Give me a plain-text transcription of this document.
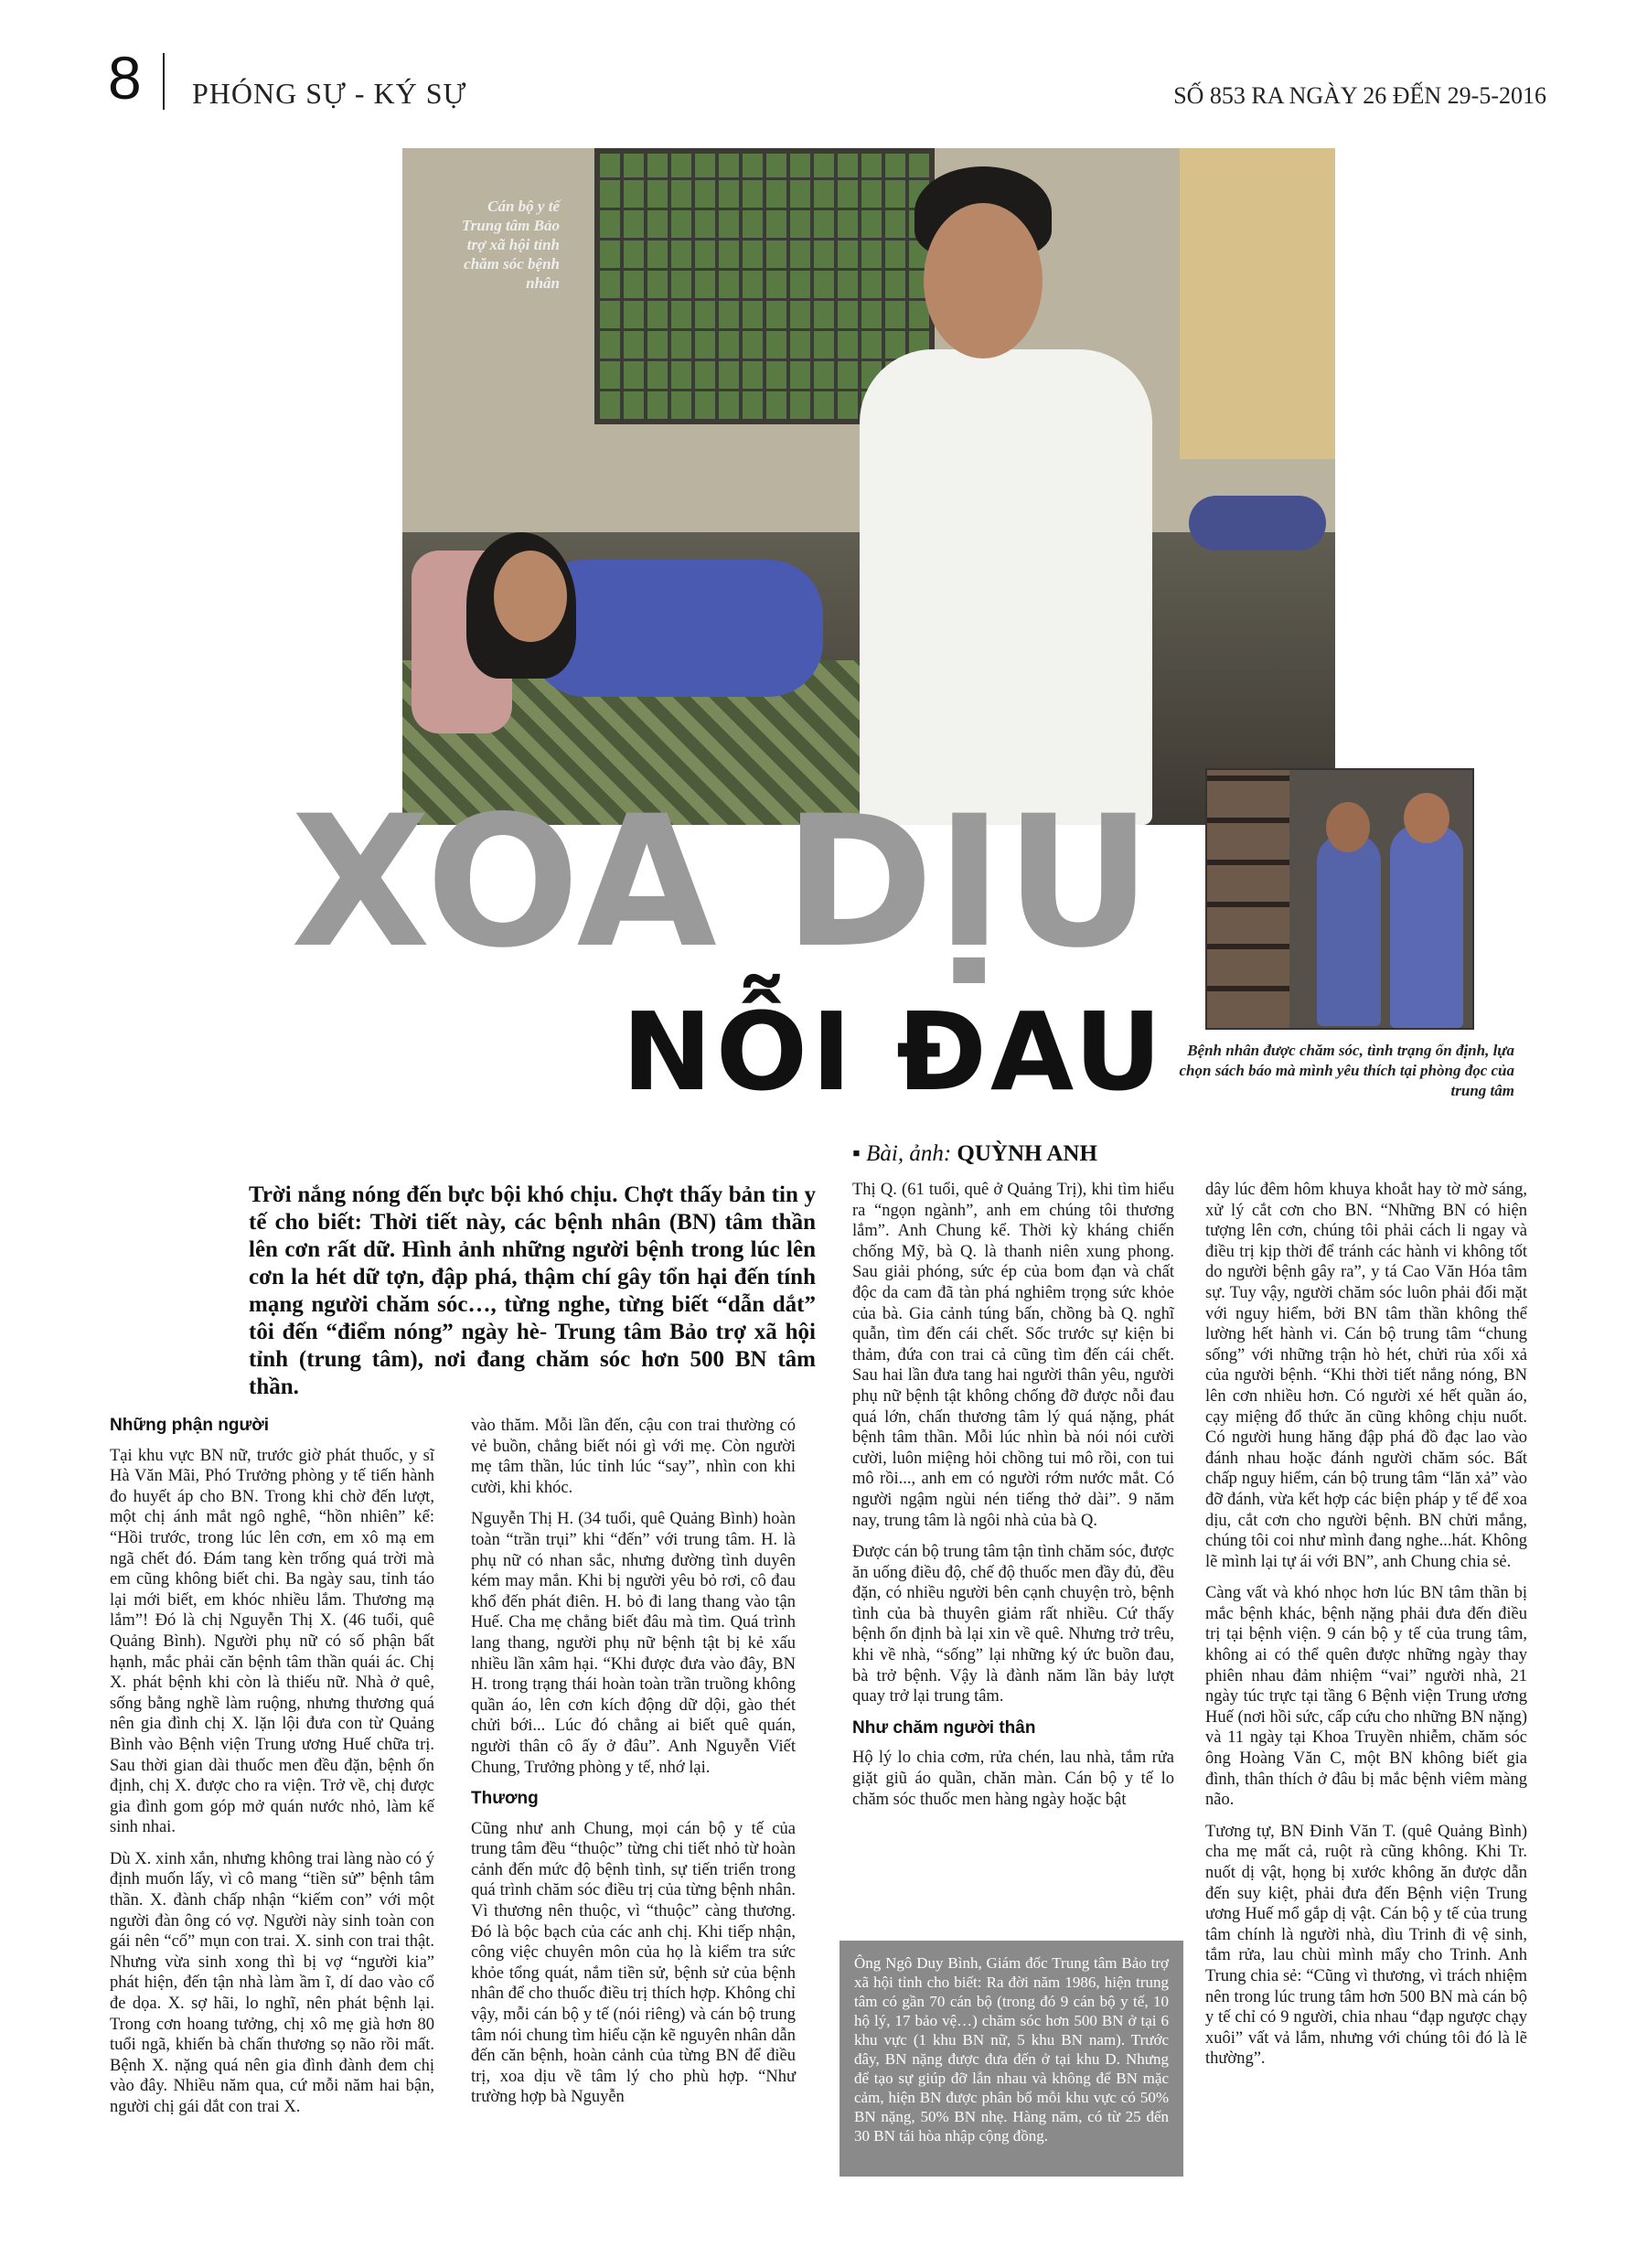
8 PHÓNG SỰ - KÝ SỰ	SỐ 853 RA NGÀY 26 ĐẾN 29-5-2016
Cán bộ y tế Trung tâm Bảo trợ xã hội tỉnh chăm sóc bệnh nhân
XOA DỊU
NỖI ĐAU	Bệnh nhân được chăm sóc, tình trạng ổn định, lựa chọn sách báo mà mình yêu thích tại phòng đọc của trung tâm
▪ Bài, ảnh: QUỲNH ANH
Trời nắng nóng đến bực bội khó chịu. Chợt thấy bản tin y tế cho biết: Thời tiết này, các bệnh nhân (BN) tâm thần lên cơn rất dữ. Hình ảnh những người bệnh trong lúc lên cơn la hét dữ tợn, đập phá, thậm chí gây tổn hại đến tính mạng người chăm sóc…, từng nghe, từng biết “dẫn dắt” tôi đến “điểm nóng” ngày hè- Trung tâm Bảo trợ xã hội tỉnh (trung tâm), nơi đang chăm sóc hơn 500 BN tâm thần.
Những phận người

Tại khu vực BN nữ, trước giờ phát thuốc, y sĩ Hà Văn Mãi, Phó Trưởng phòng y tế tiến hành đo huyết áp cho BN. Trong khi chờ đến lượt, một chị ánh mắt ngô nghê, “hồn nhiên” kể: “Hồi trước, trong lúc lên cơn, em xô mạ em ngã chết đó. Đám tang kèn trống quá trời mà em cũng không biết chi. Ba ngày sau, tỉnh táo lại mới biết, em khóc nhiều lắm. Thương mạ lắm”! Đó là chị Nguyễn Thị X. (46 tuổi, quê Quảng Bình). Người phụ nữ có số phận bất hạnh, mắc phải căn bệnh tâm thần quái ác. Chị X. phát bệnh khi còn là thiếu nữ. Nhà ở quê, sống bằng nghề làm ruộng, nhưng thương quá nên gia đình chị X. lặn lội đưa con từ Quảng Bình vào Bệnh viện Trung ương Huế chữa trị. Sau thời gian dài thuốc men đều đặn, bệnh ổn định, chị X. được cho ra viện. Trở về, chị được gia đình gom góp mở quán nước nhỏ, làm kế sinh nhai.

Dù X. xinh xắn, nhưng không trai làng nào có ý định muốn lấy, vì cô mang “tiền sử” bệnh tâm thần. X. đành chấp nhận “kiếm con” với một người đàn ông có vợ. Người này sinh toàn con gái nên “cố” mụn con trai. X. sinh con trai thật. Nhưng vừa sinh xong thì bị vợ “người kia” phát hiện, đến tận nhà làm ầm ĩ, dí dao vào cổ đe dọa. X. sợ hãi, lo nghĩ, nên phát bệnh lại. Trong cơn hoang tưởng, chị xô mẹ già hơn 80 tuổi ngã, khiến bà chấn thương sọ não rồi mất. Bệnh X. nặng quá nên gia đình đành đem chị vào đây. Nhiều năm qua, cứ mỗi năm hai bận, người chị gái dắt con trai X.

vào thăm. Mỗi lần đến, cậu con trai thường có vẻ buồn, chẳng biết nói gì với mẹ. Còn người mẹ tâm thần, lúc tỉnh lúc “say”, nhìn con khi cười, khi khóc.

Nguyễn Thị H. (34 tuổi, quê Quảng Bình) hoàn toàn “trần trụi” khi “đến” với trung tâm. H. là phụ nữ có nhan sắc, nhưng đường tình duyên kém may mắn. Khi bị người yêu bỏ rơi, cô đau khổ đến phát điên. H. bỏ đi lang thang vào tận Huế. Cha mẹ chẳng biết đâu mà tìm. Quá trình lang thang, người phụ nữ bệnh tật bị kẻ xấu nhiều lần xâm hại. “Khi được đưa vào đây, BN H. trong trạng thái hoàn toàn trần truồng không quần áo, lên cơn kích động dữ dội, gào thét chửi bới... Lúc đó chẳng ai biết quê quán, người thân cô ấy ở đâu”. Anh Nguyễn Viết Chung, Trưởng phòng y tế, nhớ lại.

Thương

Cũng như anh Chung, mọi cán bộ y tế của trung tâm đều “thuộc” từng chi tiết nhỏ từ hoàn cảnh đến mức độ bệnh tình, sự tiến triển trong quá trình chăm sóc điều trị của từng bệnh nhân. Vì thương nên thuộc, vì “thuộc” càng thương. Đó là bộc bạch của các anh chị. Khi tiếp nhận, công việc chuyên môn của họ là kiểm tra sức khỏe tổng quát, nắm tiền sử, bệnh sử của bệnh nhân để cho thuốc điều trị thích hợp. Không chỉ vậy, mỗi cán bộ y tế (nói riêng) và cán bộ trung tâm nói chung tìm hiểu cặn kẽ nguyên nhân dẫn đến căn bệnh, hoàn cảnh của từng BN để điều trị, xoa dịu về tâm lý cho phù hợp. “Như trường hợp bà Nguyễn

Thị Q. (61 tuổi, quê ở Quảng Trị), khi tìm hiểu ra “ngọn ngành”, anh em chúng tôi thương lắm”. Anh Chung kể. Thời kỳ kháng chiến chống Mỹ, bà Q. là thanh niên xung phong. Sau giải phóng, sức ép của bom đạn và chất độc da cam đã tàn phá nghiêm trọng sức khỏe của bà. Gia cảnh túng bấn, chồng bà Q. nghĩ quẫn, tìm đến cái chết. Sốc trước sự kiện bi thảm, đứa con trai cả cũng tìm đến cái chết. Sau hai lần đưa tang hai người thân yêu, người phụ nữ bệnh tật không chống đỡ được nỗi đau quá lớn, chấn thương tâm lý quá nặng, phát bệnh tâm thần. Mỗi lúc nhìn bà nói nói cười cười, luôn miệng hỏi chồng tui mô rồi, con tui mô rồi..., anh em có người rớm nước mắt. Có người ngậm ngùi nén tiếng thở dài”. 9 năm nay, trung tâm là ngôi nhà của bà Q.

Được cán bộ trung tâm tận tình chăm sóc, được ăn uống điều độ, chế độ thuốc men đầy đủ, đều đặn, có nhiều người bên cạnh chuyện trò, bệnh tình của bà thuyên giảm rất nhiều. Cứ thấy bệnh ổn định bà lại xin về quê. Nhưng trở trêu, khi về nhà, “sống” lại những ký ức buồn đau, bà trở bệnh. Vậy là đành năm lần bảy lượt quay trở lại trung tâm.

Như chăm người thân

Hộ lý lo chia cơm, rửa chén, lau nhà, tắm rửa giặt giũ áo quần, chăn màn. Cán bộ y tế lo chăm sóc thuốc men hàng ngày hoặc bật

Ông Ngô Duy Bình, Giám đốc Trung tâm Bảo trợ xã hội tỉnh cho biết: Ra đời năm 1986, hiện trung tâm có gần 70 cán bộ (trong đó 9 cán bộ y tế, 10 hộ lý, 17 bảo vệ…) chăm sóc hơn 500 BN ở tại 6 khu vực (1 khu BN nữ, 5 khu BN nam). Trước đây, BN nặng được đưa đến ở tại khu D. Nhưng để tạo sự giúp đỡ lẫn nhau và không để BN mặc cảm, hiện BN được phân bổ mỗi khu vực có 50% BN nặng, 50% BN nhẹ. Hàng năm, có từ 25 đến 30 BN tái hòa nhập cộng đồng.

dây lúc đêm hôm khuya khoắt hay tờ mờ sáng, xử lý cắt cơn cho BN. “Những BN có hiện tượng lên cơn, chúng tôi phải cách li ngay và điều trị kịp thời để tránh các hành vi không tốt do người bệnh gây ra”, y tá Cao Văn Hóa tâm sự. Tuy vậy, người chăm sóc luôn phải đối mặt với nguy hiểm, bởi BN tâm thần không thể lường hết hành vi. Cán bộ trung tâm “chung sống” với những trận hò hét, chửi rủa xối xả của người bệnh. “Khi thời tiết nắng nóng, BN lên cơn nhiều hơn. Có người xé hết quần áo, cạy miệng đổ thức ăn cũng không chịu nuốt. Có người hung hăng đập phá đồ đạc lao vào đánh nhau hoặc đánh người chăm sóc. Bất chấp nguy hiểm, cán bộ trung tâm “lăn xả” vào đỡ đánh, vừa kết hợp các biện pháp y tế để xoa dịu, cắt cơn cho người bệnh. BN chửi mắng, chúng tôi coi như mình đang nghe...hát. Không lẽ mình lại tự ái với BN”, anh Chung chia sẻ.

Càng vất và khó nhọc hơn lúc BN tâm thần bị mắc bệnh khác, bệnh nặng phải đưa đến điều trị tại bệnh viện. 9 cán bộ y tế của trung tâm, không ai có thể quên được những ngày thay phiên nhau đảm nhiệm “vai” người nhà, 21 ngày túc trực tại tầng 6 Bệnh viện Trung ương Huế (nơi hồi sức, cấp cứu cho những BN nặng) và 11 ngày tại Khoa Truyền nhiễm, chăm sóc ông Hoàng Văn C, một BN không biết gia đình, thân thích ở đâu bị mắc bệnh viêm màng não.

Tương tự, BN Đinh Văn T. (quê Quảng Bình) cha mẹ mất cả, ruột rà cũng không. Khi Tr. nuốt dị vật, họng bị xước không ăn được dẫn đến suy kiệt, phải đưa đến Bệnh viện Trung ương Huế mổ gắp dị vật. Cán bộ y tế của trung tâm chính là người nhà, dìu Trinh đi vệ sinh, tắm rửa, lau chùi mình mẩy cho Trinh. Anh Trung chia sẻ: “Cũng vì thương, vì trách nhiệm nên trong lúc trung tâm hơn 500 BN mà cán bộ y tế chỉ có 9 người, chia nhau “đạp ngược chạy xuôi” vất vả lắm, nhưng với chúng tôi đó là lẽ thường”.
